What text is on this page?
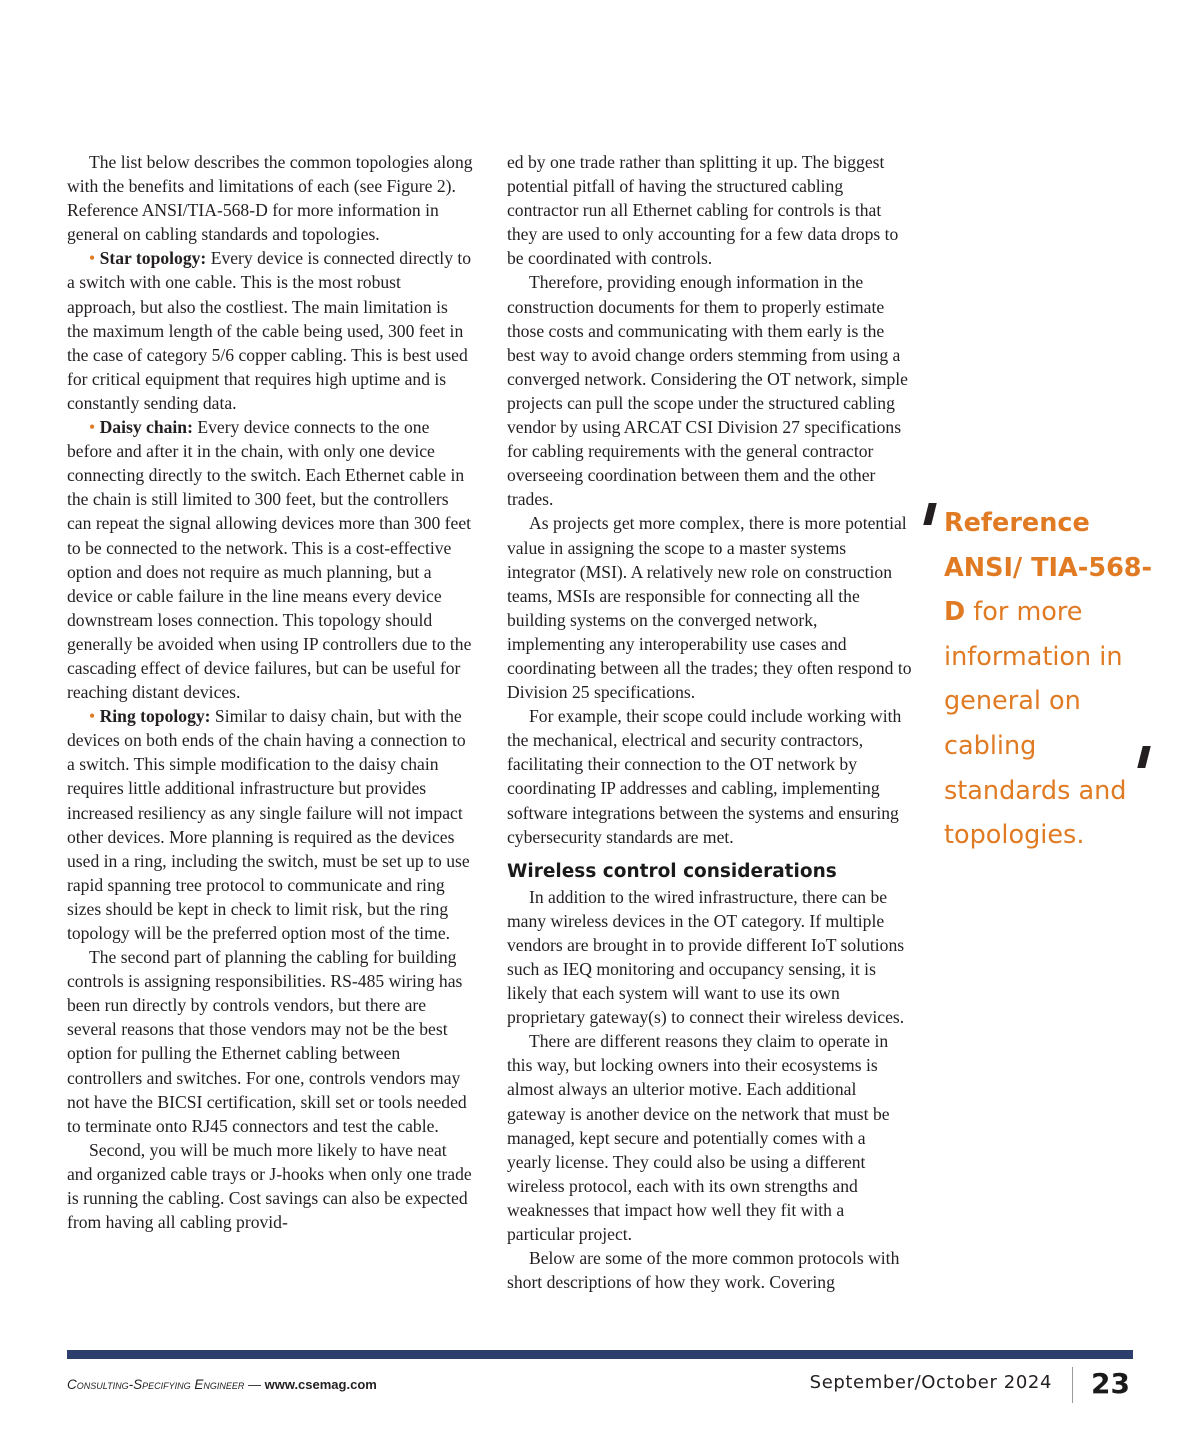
The list below describes the common topologies along with the benefits and limitations of each (see Figure 2). Reference ANSI/TIA-568-D for more information in general on cabling standards and topologies.

• Star topology: Every device is connected directly to a switch with one cable. This is the most robust approach, but also the costliest. The main limitation is the maximum length of the cable being used, 300 feet in the case of category 5/6 copper cabling. This is best used for critical equipment that requires high uptime and is constantly sending data.

• Daisy chain: Every device connects to the one before and after it in the chain, with only one device connecting directly to the switch. Each Ethernet cable in the chain is still limited to 300 feet, but the controllers can repeat the signal allowing devices more than 300 feet to be connected to the network. This is a cost-effective option and does not require as much planning, but a device or cable failure in the line means every device downstream loses connection. This topology should generally be avoided when using IP controllers due to the cascading effect of device failures, but can be useful for reaching distant devices.

• Ring topology: Similar to daisy chain, but with the devices on both ends of the chain having a connection to a switch. This simple modification to the daisy chain requires little additional infrastructure but provides increased resiliency as any single failure will not impact other devices. More planning is required as the devices used in a ring, including the switch, must be set up to use rapid spanning tree protocol to communicate and ring sizes should be kept in check to limit risk, but the ring topology will be the preferred option most of the time.

The second part of planning the cabling for building controls is assigning responsibilities. RS-485 wiring has been run directly by controls vendors, but there are several reasons that those vendors may not be the best option for pulling the Ethernet cabling between controllers and switches. For one, controls vendors may not have the BICSI certification, skill set or tools needed to terminate onto RJ45 connectors and test the cable.

Second, you will be much more likely to have neat and organized cable trays or J-hooks when only one trade is running the cabling. Cost savings can also be expected from having all cabling provid-

ed by one trade rather than splitting it up. The biggest potential pitfall of having the structured cabling contractor run all Ethernet cabling for controls is that they are used to only accounting for a few data drops to be coordinated with controls.

Therefore, providing enough information in the construction documents for them to properly estimate those costs and communicating with them early is the best way to avoid change orders stemming from using a converged network. Considering the OT network, simple projects can pull the scope under the structured cabling vendor by using ARCAT CSI Division 27 specifications for cabling requirements with the general contractor overseeing coordination between them and the other trades.

As projects get more complex, there is more potential value in assigning the scope to a master systems integrator (MSI). A relatively new role on construction teams, MSIs are responsible for connecting all the building systems on the converged network, implementing any interoperability use cases and coordinating between all the trades; they often respond to Division 25 specifications.

For example, their scope could include working with the mechanical, electrical and security contractors, facilitating their connection to the OT network by coordinating IP addresses and cabling, implementing software integrations between the systems and ensuring cybersecurity standards are met.

Wireless control considerations

In addition to the wired infrastructure, there can be many wireless devices in the OT category. If multiple vendors are brought in to provide different IoT solutions such as IEQ monitoring and occupancy sensing, it is likely that each system will want to use its own proprietary gateway(s) to connect their wireless devices.

There are different reasons they claim to operate in this way, but locking owners into their ecosystems is almost always an ulterior motive. Each additional gateway is another device on the network that must be managed, kept secure and potentially comes with a yearly license. They could also be using a different wireless protocol, each with its own strengths and weaknesses that impact how well they fit with a particular project.

Below are some of the more common protocols with short descriptions of how they work. Covering

Reference ANSI/ TIA-568-D for more information in general on cabling standards and topologies.
Consulting-Specifying Engineer — www.csemag.com	September/October 2024 23
